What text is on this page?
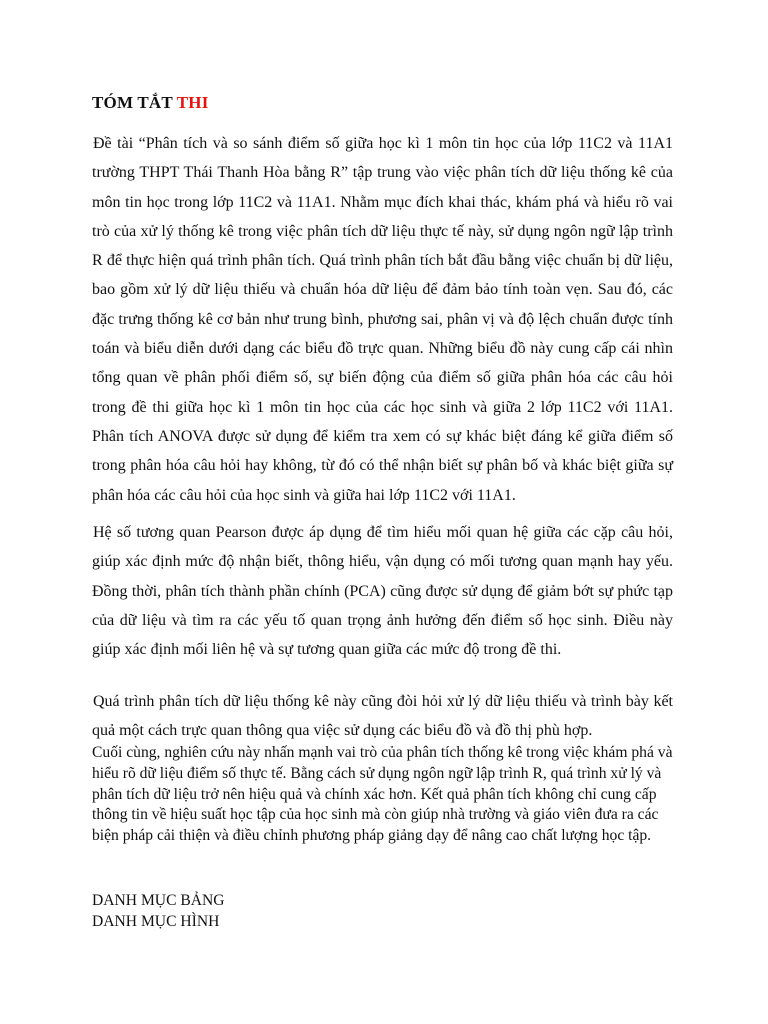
TÓM TẮT THI
Đề tài “Phân tích và so sánh điểm số giữa học kì 1 môn tin học của lớp 11C2 và 11A1 trường THPT Thái Thanh Hòa bằng R” tập trung vào việc phân tích dữ liệu thống kê của môn tin học trong lớp 11C2 và 11A1. Nhằm mục đích khai thác, khám phá và hiểu rõ vai trò của xử lý thống kê trong việc phân tích dữ liệu thực tế này, sử dụng ngôn ngữ lập trình R để thực hiện quá trình phân tích. Quá trình phân tích bắt đầu bằng việc chuẩn bị dữ liệu, bao gồm xử lý dữ liệu thiếu và chuẩn hóa dữ liệu để đảm bảo tính toàn vẹn. Sau đó, các đặc trưng thống kê cơ bản như trung bình, phương sai, phân vị và độ lệch chuẩn được tính toán và biểu diễn dưới dạng các biểu đồ trực quan. Những biểu đồ này cung cấp cái nhìn tổng quan về phân phối điểm số, sự biến động của điểm số giữa phân hóa các câu hỏi trong đề thi giữa học kì 1 môn tin học của các học sinh và giữa 2 lớp 11C2 với 11A1. Phân tích ANOVA được sử dụng để kiểm tra xem có sự khác biệt đáng kể giữa điểm số trong phân hóa câu hỏi hay không, từ đó có thể nhận biết sự phân bố và khác biệt giữa sự phân hóa các câu hỏi của học sinh và giữa hai lớp 11C2 với 11A1.
Hệ số tương quan Pearson được áp dụng để tìm hiểu mối quan hệ giữa các cặp câu hỏi, giúp xác định mức độ nhận biết, thông hiểu, vận dụng có mối tương quan mạnh hay yếu. Đồng thời, phân tích thành phần chính (PCA) cũng được sử dụng để giảm bớt sự phức tạp của dữ liệu và tìm ra các yếu tố quan trọng ảnh hưởng đến điểm số học sinh. Điều này giúp xác định mối liên hệ và sự tương quan giữa các mức độ trong đề thi.
Quá trình phân tích dữ liệu thống kê này cũng đòi hỏi xử lý dữ liệu thiếu và trình bày kết quả một cách trực quan thông qua việc sử dụng các biểu đồ và đồ thị phù hợp.
Cuối cùng, nghiên cứu này nhấn mạnh vai trò của phân tích thống kê trong việc khám phá và hiểu rõ dữ liệu điểm số thực tế. Bằng cách sử dụng ngôn ngữ lập trình R, quá trình xử lý và phân tích dữ liệu trở nên hiệu quả và chính xác hơn. Kết quả phân tích không chỉ cung cấp thông tin về hiệu suất học tập của học sinh mà còn giúp nhà trường và giáo viên đưa ra các biện pháp cải thiện và điều chỉnh phương pháp giảng dạy để nâng cao chất lượng học tập.
DANH MỤC BẢNG
DANH MỤC HÌNH
